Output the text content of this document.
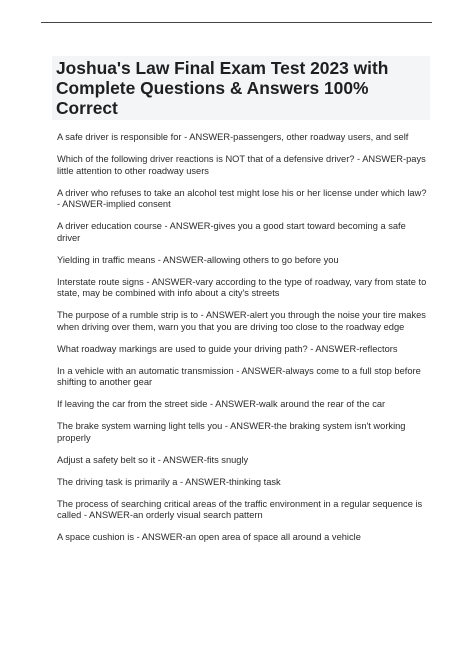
Joshua's Law Final Exam Test 2023 with Complete Questions & Answers 100% Correct
A safe driver is responsible for - ANSWER-passengers, other roadway users, and self
Which of the following driver reactions is NOT that of a defensive driver? - ANSWER-pays little attention to other roadway users
A driver who refuses to take an alcohol test might lose his or her license under which law? - ANSWER-implied consent
A driver education course - ANSWER-gives you a good start toward becoming a safe driver
Yielding in traffic means - ANSWER-allowing others to go before you
Interstate route signs - ANSWER-vary according to the type of roadway, vary from state to state, may be combined with info about a city's streets
The purpose of a rumble strip is to - ANSWER-alert you through the noise your tire makes when driving over them, warn you that you are driving too close to the roadway edge
What roadway markings are used to guide your driving path? - ANSWER-reflectors
In a vehicle with an automatic transmission - ANSWER-always come to a full stop before shifting to another gear
If leaving the car from the street side - ANSWER-walk around the rear of the car
The brake system warning light tells you - ANSWER-the braking system isn't working properly
Adjust a safety belt so it - ANSWER-fits snugly
The driving task is primarily a - ANSWER-thinking task
The process of searching critical areas of the traffic environment in a regular sequence is called - ANSWER-an orderly visual search pattern
A space cushion is - ANSWER-an open area of space all around a vehicle
